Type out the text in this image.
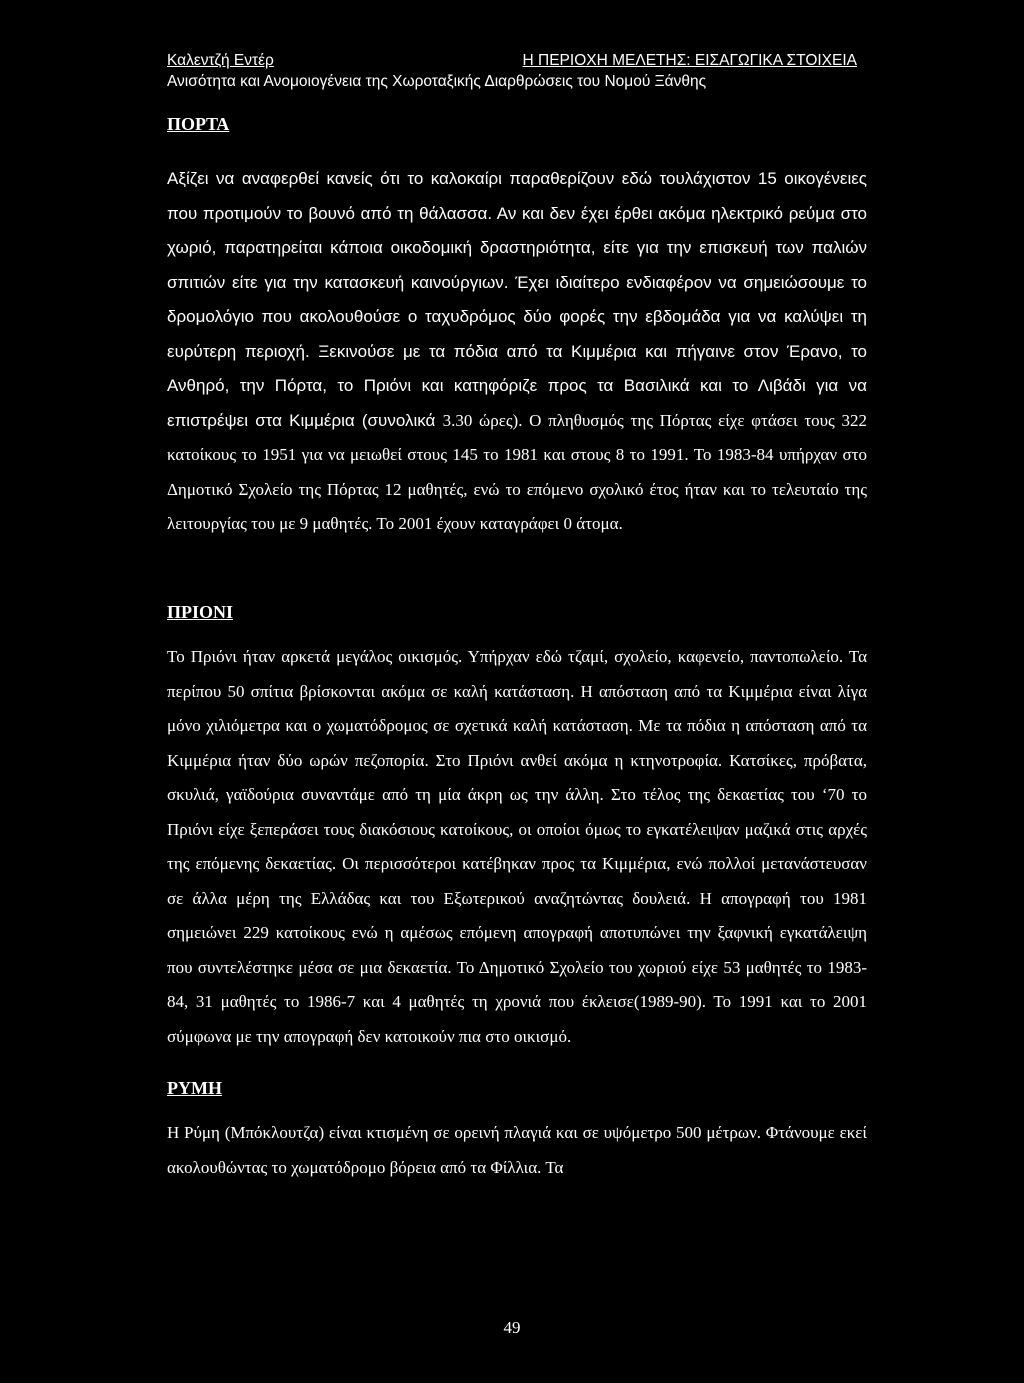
Καλεντζή Εντέρ	Η ΠΕΡΙΟΧΗ ΜΕΛΕΤΗΣ: ΕΙΣΑΓΩΓΙΚΑ ΣΤΟΙΧΕΙΑ
Ανισότητα και Ανομοιογένεια της Χωροταξικής Διαρθρώσεις του Νομού Ξάνθης
ΠΟΡΤΑ

Αξίζει να αναφερθεί κανείς ότι το καλοκαίρι παραθερίζουν εδώ τουλάχιστον 15 οικογένειες που προτιμούν το βουνό από τη θάλασσα. Αν και δεν έχει έρθει ακόμα ηλεκτρικό ρεύμα στο χωριό, παρατηρείται κάποια οικοδομική δραστηριότητα, είτε για την επισκευή των παλιών σπιτιών είτε για την κατασκευή καινούργιων. Έχει ιδιαίτερο ενδιαφέρον να σημειώσουμε το δρομολόγιο που ακολουθούσε ο ταχυδρόμος δύο φορές την εβδομάδα για να καλύψει τη ευρύτερη περιοχή. Ξεκινούσε με τα πόδια από τα Κιμμέρια και πήγαινε στον Έρανο, το Ανθηρό, την Πόρτα, το Πριόνι και κατηφόριζε προς τα Βασιλικά και το Λιβάδι για να επιστρέψει στα Κιμμέρια (συνολικά 3.30 ώρες). Ο πληθυσμός της Πόρτας είχε φτάσει τους 322 κατοίκους το 1951 για να μειωθεί στους 145 το 1981 και στους 8 το 1991. Το 1983-84 υπήρχαν στο Δημοτικό Σχολείο της Πόρτας 12 μαθητές, ενώ το επόμενο σχολικό έτος ήταν και το τελευταίο της λειτουργίας του με 9 μαθητές. Το 2001 έχουν καταγράφει 0 άτομα.

ΠΡΙΟΝΙ

Το Πριόνι ήταν αρκετά μεγάλος οικισμός. Υπήρχαν εδώ τζαμί, σχολείο, καφενείο, παντοπωλείο. Τα περίπου 50 σπίτια βρίσκονται ακόμα σε καλή κατάσταση. Η απόσταση από τα Κιμμέρια είναι λίγα μόνο χιλιόμετρα και ο χωματόδρομος σε σχετικά καλή κατάσταση. Με τα πόδια η απόσταση από τα Κιμμέρια ήταν δύο ωρών πεζοπορία. Στο Πριόνι ανθεί ακόμα η κτηνοτροφία. Κατσίκες, πρόβατα, σκυλιά, γαϊδούρια συναντάμε από τη μία άκρη ως την άλλη. Στο τέλος της δεκαετίας του ‘70 το Πριόνι είχε ξεπεράσει τους διακόσιους κατοίκους, οι οποίοι όμως το εγκατέλειψαν μαζικά στις αρχές της επόμενης δεκαετίας. Οι περισσότεροι κατέβηκαν προς τα Κιμμέρια, ενώ πολλοί μετανάστευσαν σε άλλα μέρη της Ελλάδας και του Εξωτερικού αναζητώντας δουλειά. Η απογραφή του 1981 σημειώνει 229 κατοίκους ενώ η αμέσως επόμενη απογραφή αποτυπώνει την ξαφνική εγκατάλειψη που συντελέστηκε μέσα σε μια δεκαετία. Το Δημοτικό Σχολείο του χωριού είχε 53 μαθητές το 1983-84, 31 μαθητές το 1986-7 και 4 μαθητές τη χρονιά που έκλεισε(1989-90). Το 1991 και το 2001 σύμφωνα με την απογραφή δεν κατοικούν πια στο οικισμό.

ΡΥΜΗ

Η Ρύμη (Μπόκλουτζα) είναι κτισμένη σε ορεινή πλαγιά και σε υψόμετρο 500 μέτρων. Φτάνουμε εκεί ακολουθώντας το χωματόδρομο βόρεια από τα Φίλλια. Τα

49
